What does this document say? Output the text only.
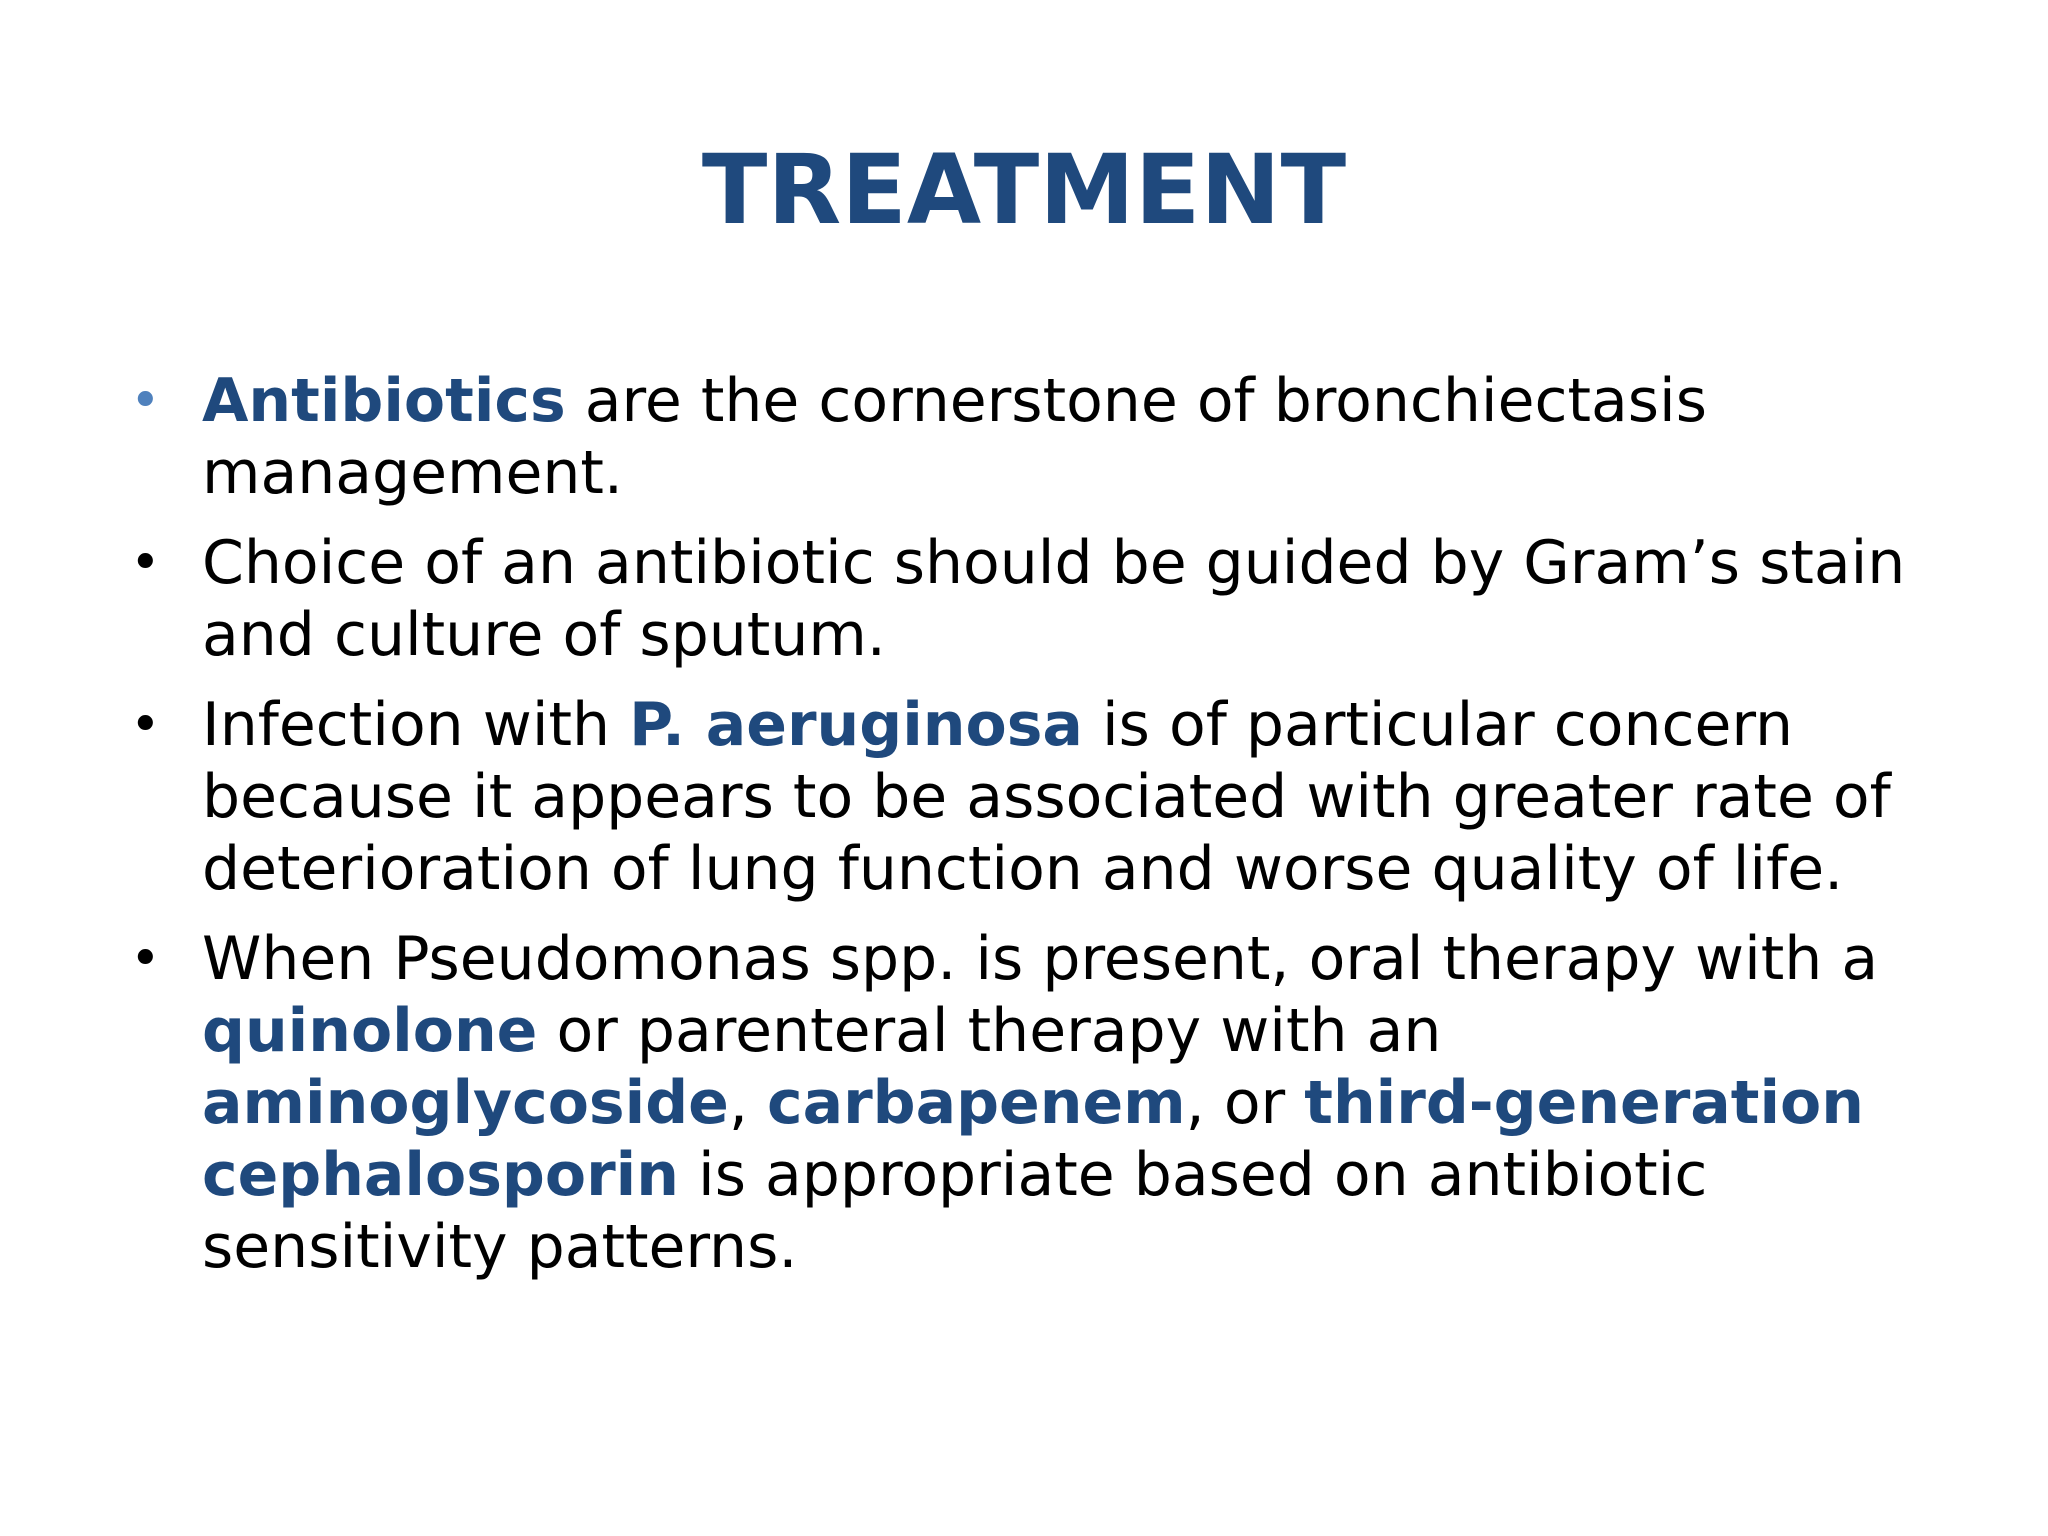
TREATMENT
• Antibiotics are the cornerstone of bronchiectasis management.
• Choice of an antibiotic should be guided by Gram’s stain and culture of sputum.
• Infection with P. aeruginosa is of particular concern because it appears to be associated with greater rate of deterioration of lung function and worse quality of life.
• When Pseudomonas spp. is present, oral therapy with a quinolone or parenteral therapy with an aminoglycoside, carbapenem, or third-generation cephalosporin is appropriate based on antibiotic sensitivity patterns.
